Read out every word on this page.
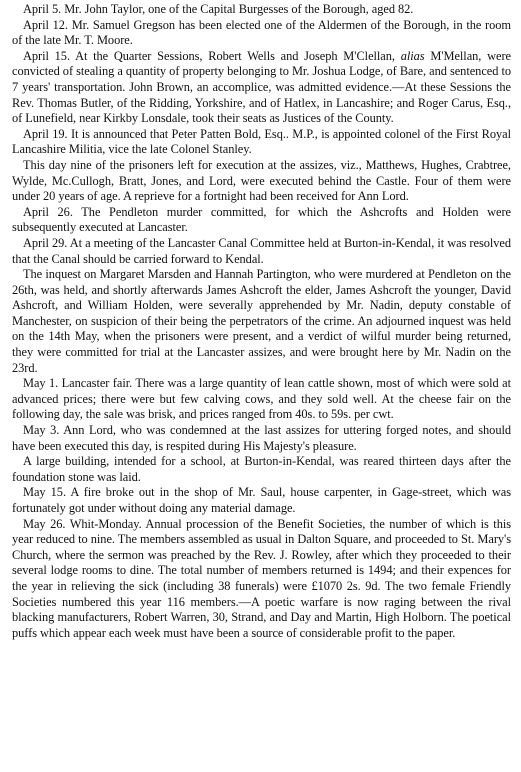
April 5. Mr. John Taylor, one of the Capital Burgesses of the Borough, aged 82.

April 12. Mr. Samuel Gregson has been elected one of the Aldermen of the Borough, in the room of the late Mr. T. Moore.

April 15. At the Quarter Sessions, Robert Wells and Joseph M'Clellan, alias M'Mellan, were convicted of stealing a quantity of property belonging to Mr. Joshua Lodge, of Bare, and sentenced to 7 years' transportation. John Brown, an accomplice, was admitted evidence.—At these Sessions the Rev. Thomas Butler, of the Ridding, Yorkshire, and of Hatlex, in Lancashire; and Roger Carus, Esq., of Lunefield, near Kirkby Lonsdale, took their seats as Justices of the County.

April 19. It is announced that Peter Patten Bold, Esq.. M.P., is appointed colonel of the First Royal Lancashire Militia, vice the late Colonel Stanley.

This day nine of the prisoners left for execution at the assizes, viz., Matthews, Hughes, Crabtree, Wylde, Mc.Cullogh, Bratt, Jones, and Lord, were executed behind the Castle. Four of them were under 20 years of age. A reprieve for a fortnight had been received for Ann Lord.

April 26. The Pendleton murder committed, for which the Ashcrofts and Holden were subsequently executed at Lancaster.

April 29. At a meeting of the Lancaster Canal Committee held at Burton-in-Kendal, it was resolved that the Canal should be carried forward to Kendal.

The inquest on Margaret Marsden and Hannah Partington, who were murdered at Pendleton on the 26th, was held, and shortly afterwards James Ashcroft the elder, James Ashcroft the younger, David Ashcroft, and William Holden, were severally apprehended by Mr. Nadin, deputy constable of Manchester, on suspicion of their being the perpetrators of the crime. An adjourned inquest was held on the 14th May, when the prisoners were present, and a verdict of wilful murder being returned, they were committed for trial at the Lancaster assizes, and were brought here by Mr. Nadin on the 23rd.

May 1. Lancaster fair. There was a large quantity of lean cattle shown, most of which were sold at advanced prices; there were but few calving cows, and they sold well. At the cheese fair on the following day, the sale was brisk, and prices ranged from 40s. to 59s. per cwt.

May 3. Ann Lord, who was condemned at the last assizes for uttering forged notes, and should have been executed this day, is respited during His Majesty's pleasure.

A large building, intended for a school, at Burton-in-Kendal, was reared thirteen days after the foundation stone was laid.

May 15. A fire broke out in the shop of Mr. Saul, house carpenter, in Gage-street, which was fortunately got under without doing any material damage.

May 26. Whit-Monday. Annual procession of the Benefit Societies, the number of which is this year reduced to nine. The members assembled as usual in Dalton Square, and proceeded to St. Mary's Church, where the sermon was preached by the Rev. J. Rowley, after which they proceeded to their several lodge rooms to dine. The total number of members returned is 1494; and their expences for the year in relieving the sick (including 38 funerals) were £1070 2s. 9d. The two female Friendly Societies numbered this year 116 members.—A poetic warfare is now raging between the rival blacking manufacturers, Robert Warren, 30, Strand, and Day and Martin, High Holborn. The poetical puffs which appear each week must have been a source of considerable profit to the paper.
